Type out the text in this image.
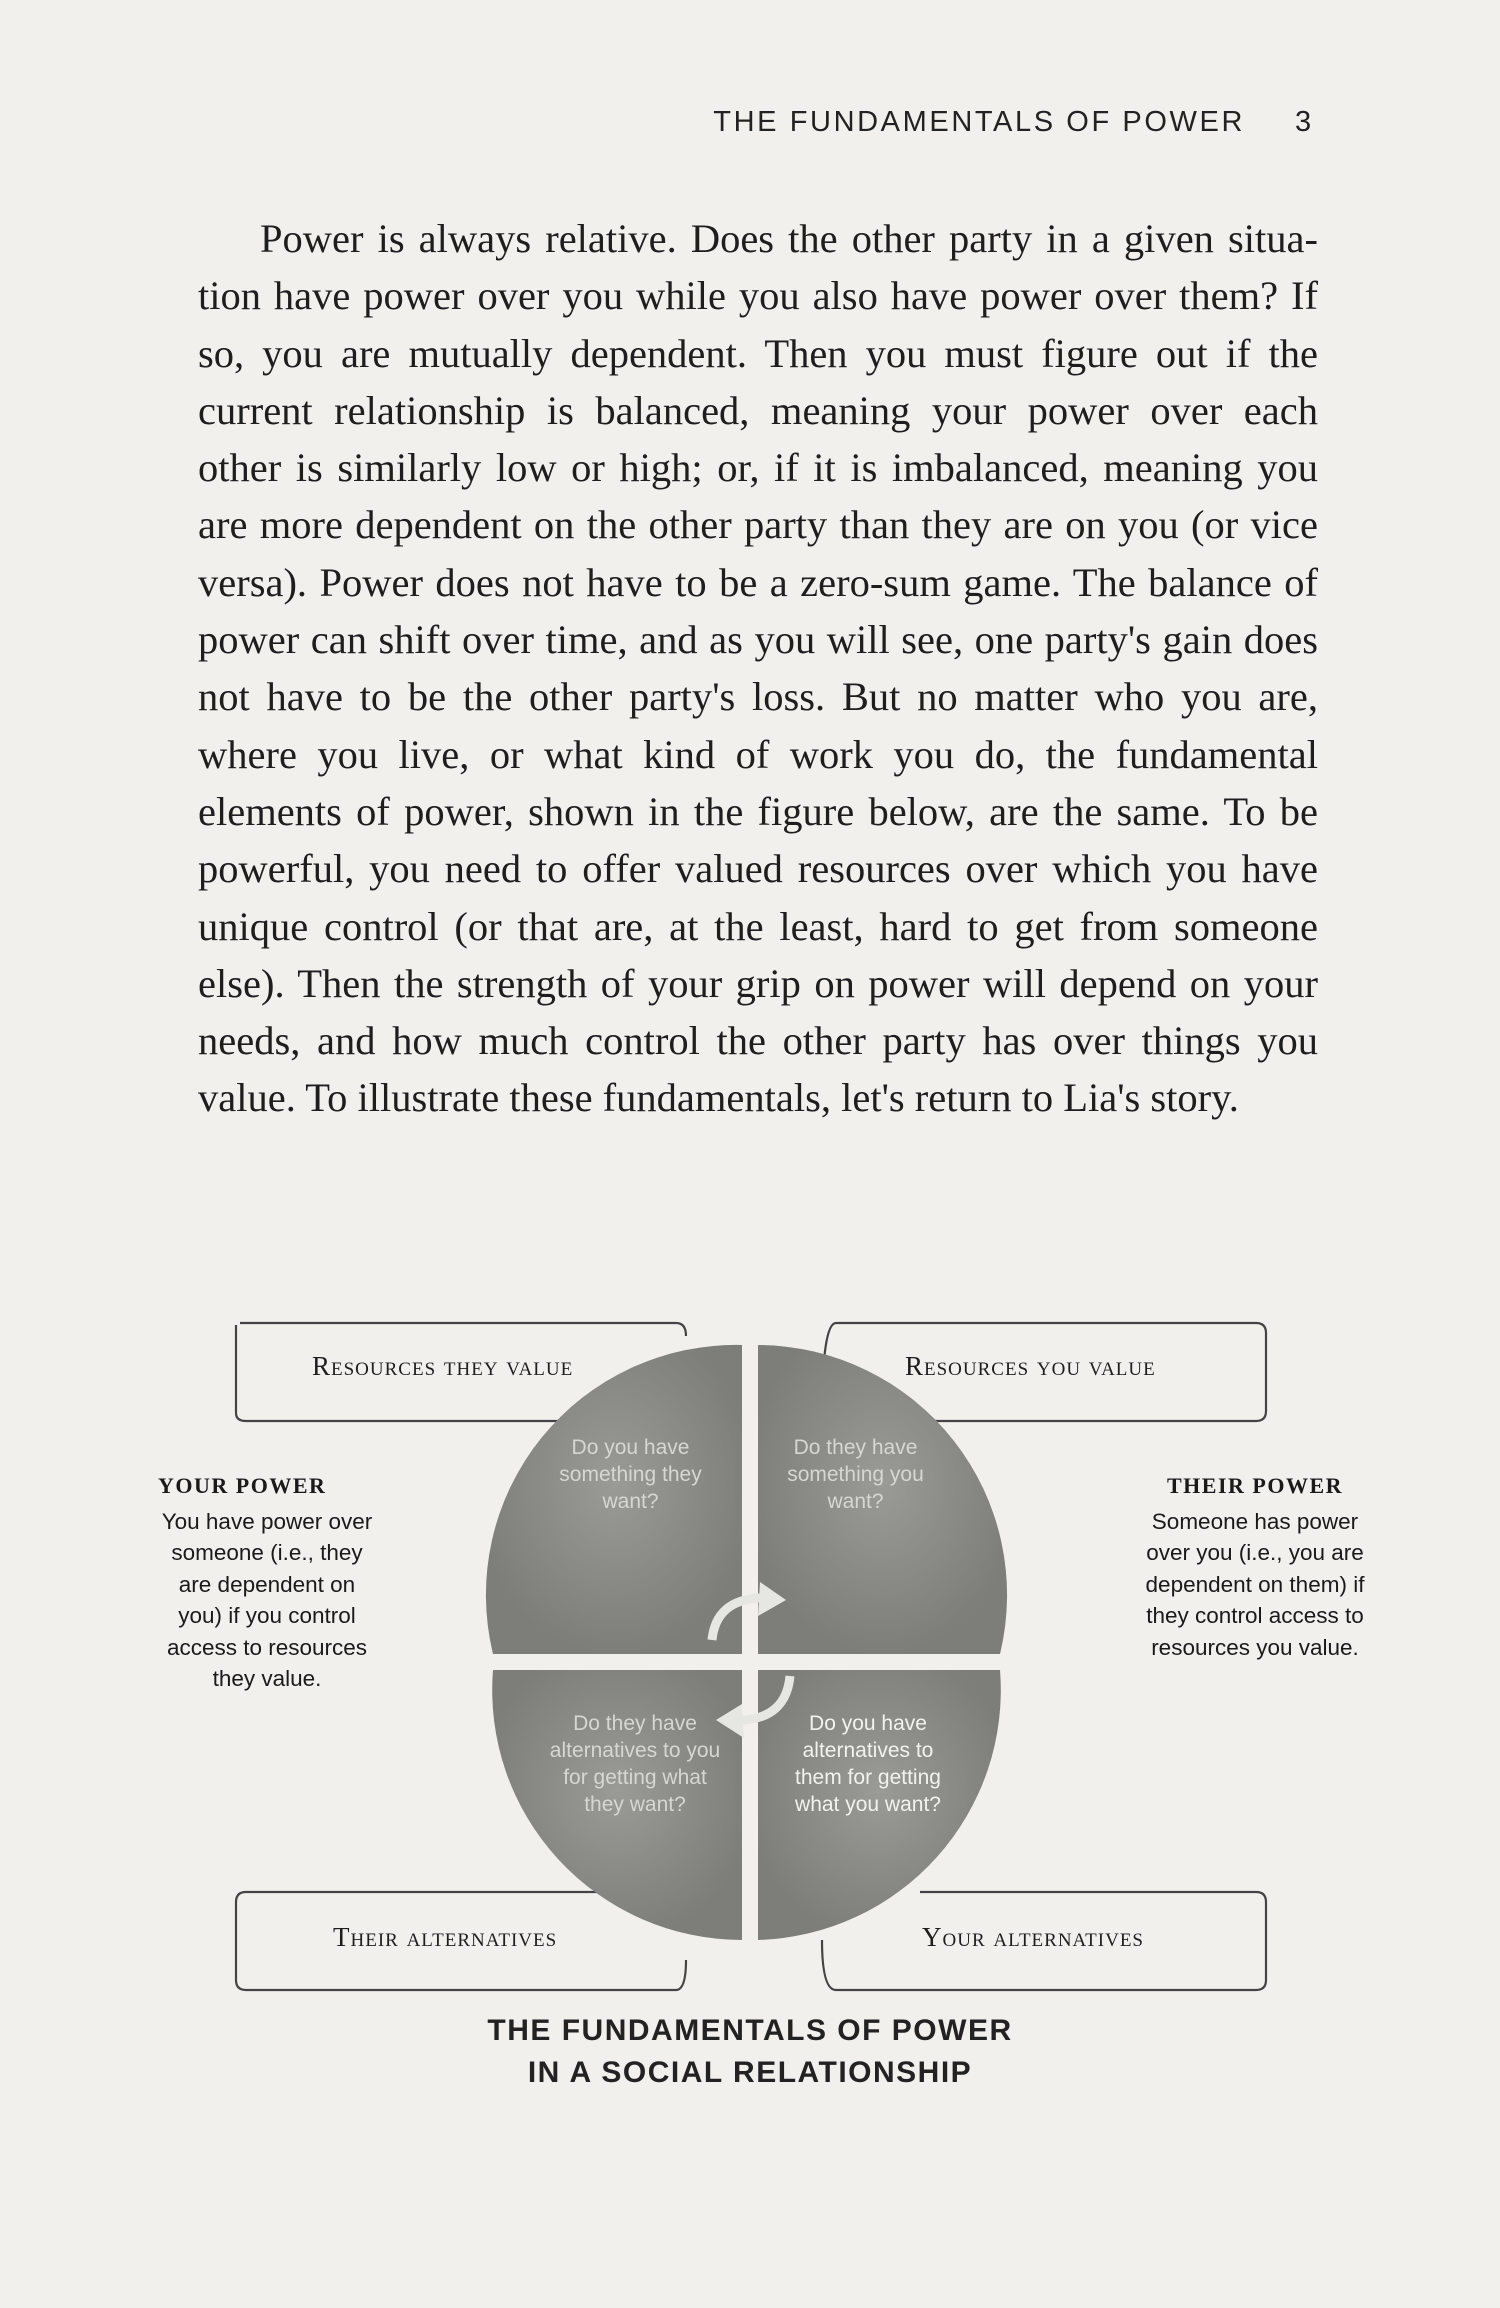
THE FUNDAMENTALS OF POWER 3

Power is always relative. Does the other party in a given situation have power over you while you also have power over them? If so, you are mutually dependent. Then you must figure out if the current relationship is balanced, meaning your power over each other is similarly low or high; or, if it is imbalanced, meaning you are more dependent on the other party than they are on you (or vice versa). Power does not have to be a zero-sum game. The balance of power can shift over time, and as you will see, one party's gain does not have to be the other party's loss. But no matter who you are, where you live, or what kind of work you do, the fundamental elements of power, shown in the figure below, are the same. To be powerful, you need to offer valued resources over which you have unique control (or that are, at the least, hard to get from someone else). Then the strength of your grip on power will depend on your needs, and how much control the other party has over things you value. To illustrate these fundamentals, let's return to Lia's story.

Resources they value	Resources you value
Their alternatives	Your alternatives
Do you have something they want?
Do they have something you want?
Do they have alternatives to you for getting what they want?
Do you have alternatives to them for getting what you want?
YOUR POWER
You have power over someone (i.e., they are dependent on you) if you control access to resources they value.
THEIR POWER
Someone has power over you (i.e., you are dependent on them) if they control access to resources you value.
THE FUNDAMENTALS OF POWER
IN A SOCIAL RELATIONSHIP
